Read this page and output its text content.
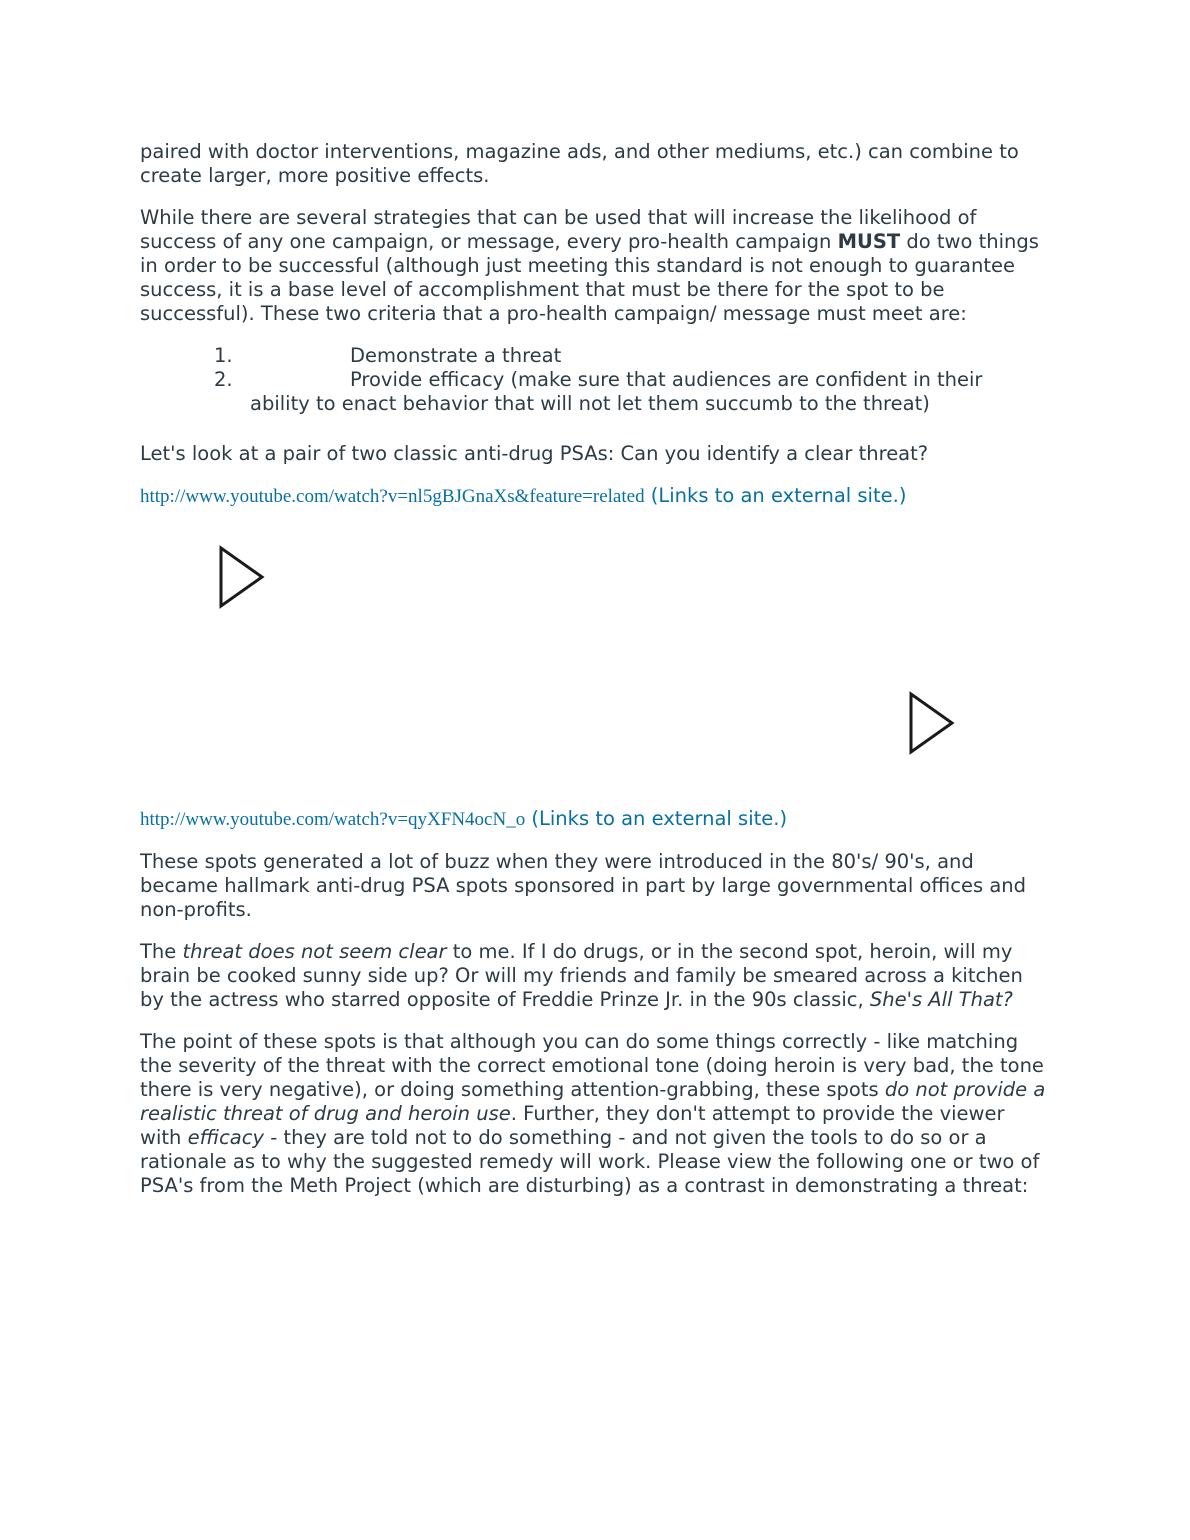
paired with doctor interventions, magazine ads, and other mediums, etc.) can combine to create larger, more positive effects.

While there are several strategies that can be used that will increase the likelihood of success of any one campaign, or message, every pro-health campaign MUST do two things in order to be successful (although just meeting this standard is not enough to guarantee success, it is a base level of accomplishment that must be there for the spot to be successful). These two criteria that a pro-health campaign/ message must meet are:

1.	Demonstrate a threat
2.	Provide efficacy (make sure that audiences are confident in their
ability to enact behavior that will not let them succumb to the threat)

Let's look at a pair of two classic anti-drug PSAs: Can you identify a clear threat?

http://www.youtube.com/watch?v=nl5gBJGnaXs&feature=related (Links to an external site.)

http://www.youtube.com/watch?v=qyXFN4ocN_o (Links to an external site.)

These spots generated a lot of buzz when they were introduced in the 80's/ 90's, and became hallmark anti-drug PSA spots sponsored in part by large governmental offices and non-profits.

The threat does not seem clear to me. If I do drugs, or in the second spot, heroin, will my brain be cooked sunny side up? Or will my friends and family be smeared across a kitchen by the actress who starred opposite of Freddie Prinze Jr. in the 90s classic, She's All That?

The point of these spots is that although you can do some things correctly - like matching the severity of the threat with the correct emotional tone (doing heroin is very bad, the tone there is very negative), or doing something attention-grabbing, these spots do not provide a realistic threat of drug and heroin use. Further, they don't attempt to provide the viewer with efficacy - they are told not to do something - and not given the tools to do so or a rationale as to why the suggested remedy will work. Please view the following one or two of PSA's from the Meth Project (which are disturbing) as a contrast in demonstrating a threat:
